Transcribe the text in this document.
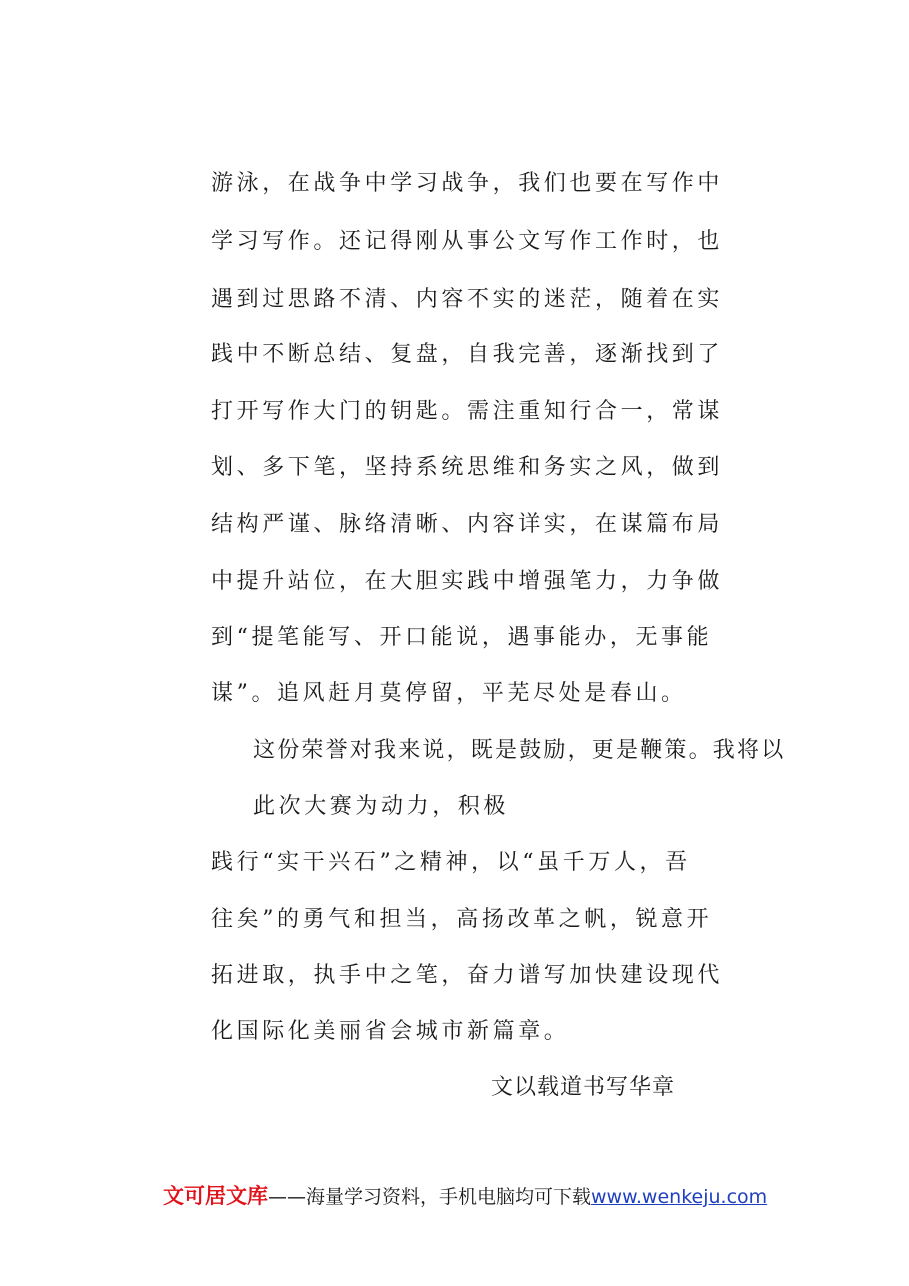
游泳，在战争中学习战争，我们也要在写作中
学习写作。还记得刚从事公文写作工作时，也
遇到过思路不清、内容不实的迷茫，随着在实
践中不断总结、复盘，自我完善，逐渐找到了
打开写作大门的钥匙。需注重知行合一，常谋
划、多下笔，坚持系统思维和务实之风，做到
结构严谨、脉络清晰、内容详实，在谋篇布局
中提升站位，在大胆实践中增强笔力，力争做
到“提笔能写、开口能说，遇事能办，无事能
谋”。追风赶月莫停留，平芜尽处是春山。
这份荣誉对我来说，既是鼓励，更是鞭策。我将以
此次大赛为动力，积极
践行“实干兴石”之精神，以“虽千万人，吾
往矣”的勇气和担当，高扬改革之帆，锐意开
拓进取，执手中之笔，奋力谱写加快建设现代
化国际化美丽省会城市新篇章。
文以载道书写华章
文可居文库——海量学习资料，手机电脑均可下载www.wenkeju.com
